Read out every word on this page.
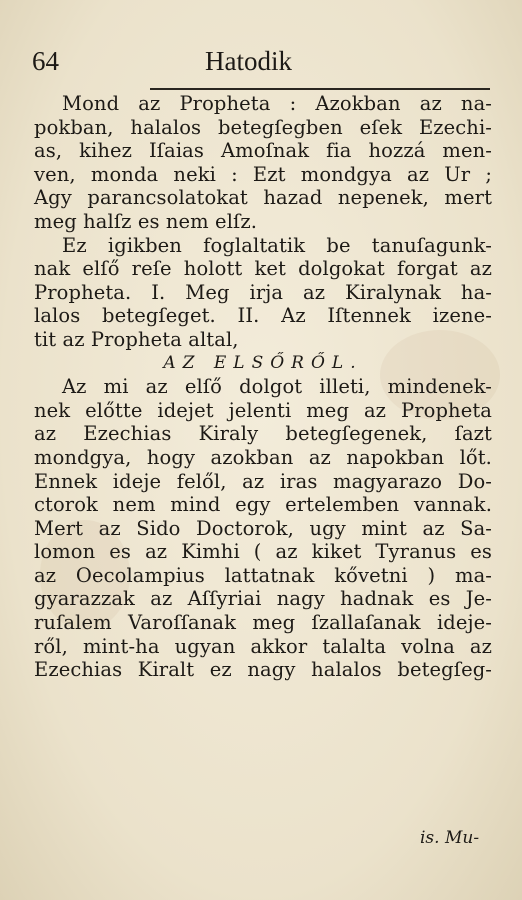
64	Hatodik
Mond az Propheta : Azokban az na-
pokban, halalos betegſegben eſek Ezechi-
as, kihez Iſaias Amoſnak fia hozzá men-
ven, monda neki : Ezt mondgya az Ur ;
Agy parancsolatokat hazad nepenek, mert
meg halſz es nem elſz.
Ez igikben foglaltatik be tanuſagunk-
nak elſő reſe holott ket dolgokat forgat az
Propheta. I. Meg irja az Kiralynak ha-
lalos betegſeget. II. Az Iſtennek izene-
tit az Propheta altal,
AZ ELSŐRŐL.
Az mi az elſő dolgot illeti, mindenek-
nek előtte idejet jelenti meg az Propheta
az Ezechias Kiraly betegſegenek, ſazt
mondgya, hogy azokban az napokban lőt.
Ennek ideje felől, az iras magyarazo Do-
ctorok nem mind egy ertelemben vannak.
Mert az Sido Doctorok, ugy mint az Sa-
lomon es az Kimhi ( az kiket Tyranus es
az Oecolampius lattatnak kővetni ) ma-
gyarazzak az Aſſyriai nagy hadnak es Je-
ruſalem Varoſſanak meg ſzallaſanak ideje-
ről, mint-ha ugyan akkor talalta volna az
Ezechias Kiralt ez nagy halalos betegſeg-
is. Mu-
